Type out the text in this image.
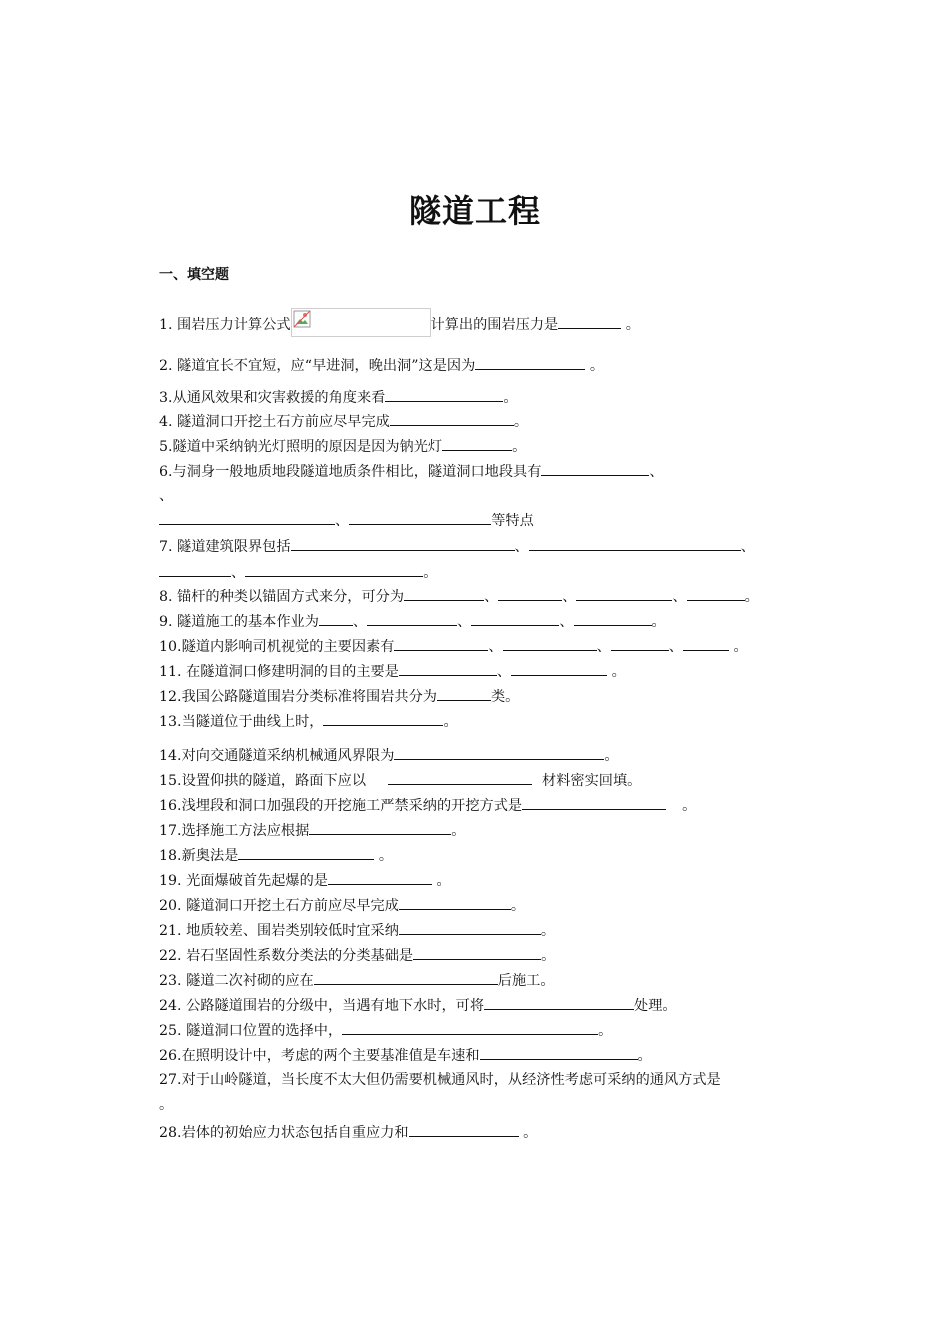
隧道工程
一、填空题
1. 围岩压力计算公式	计算出的围岩压力是	。
2. 隧道宜长不宜短，应“早进洞，晚出洞”这是因为	。
3.从通风效果和灾害救援的角度来看	。
4. 隧道洞口开挖土石方前应尽早完成	。
5.隧道中采纳钠光灯照明的原因是因为钠光灯	。
6.与洞身一般地质地段隧道地质条件相比，隧道洞口地段具有	、
、
、	等特点
7. 隧道建筑限界包括	、	、
、	。
8. 锚杆的种类以锚固方式来分，可分为	、	、	、	。
9. 隧道施工的基本作业为 、	、	、	。
10.隧道内影响司机视觉的主要因素有	、	、	、	。
11. 在隧道洞口修建明洞的目的主要是	、	。
12.我国公路隧道围岩分类标准将围岩共分为	类。
13.当隧道位于曲线上时，	。
14.对向交通隧道采纳机械通风界限为	。
15.设置仰拱的隧道，路面下应以	材料密实回填。
16.浅埋段和洞口加强段的开挖施工严禁采纳的开挖方式是	。
17.选择施工方法应根据	。
18.新奥法是	。
19. 光面爆破首先起爆的是	。
20. 隧道洞口开挖土石方前应尽早完成	。
21. 地质较差、围岩类别较低时宜采纳	。
22. 岩石坚固性系数分类法的分类基础是	。
23. 隧道二次衬砌的应在	后施工。
24. 公路隧道围岩的分级中，当遇有地下水时，可将	处理。
25. 隧道洞口位置的选择中，	。
26.在照明设计中，考虑的两个主要基准值是车速和	。
27.对于山岭隧道，当长度不太大但仍需要机械通风时，从经济性考虑可采纳的通风方式是
。
28.岩体的初始应力状态包括自重应力和	。
